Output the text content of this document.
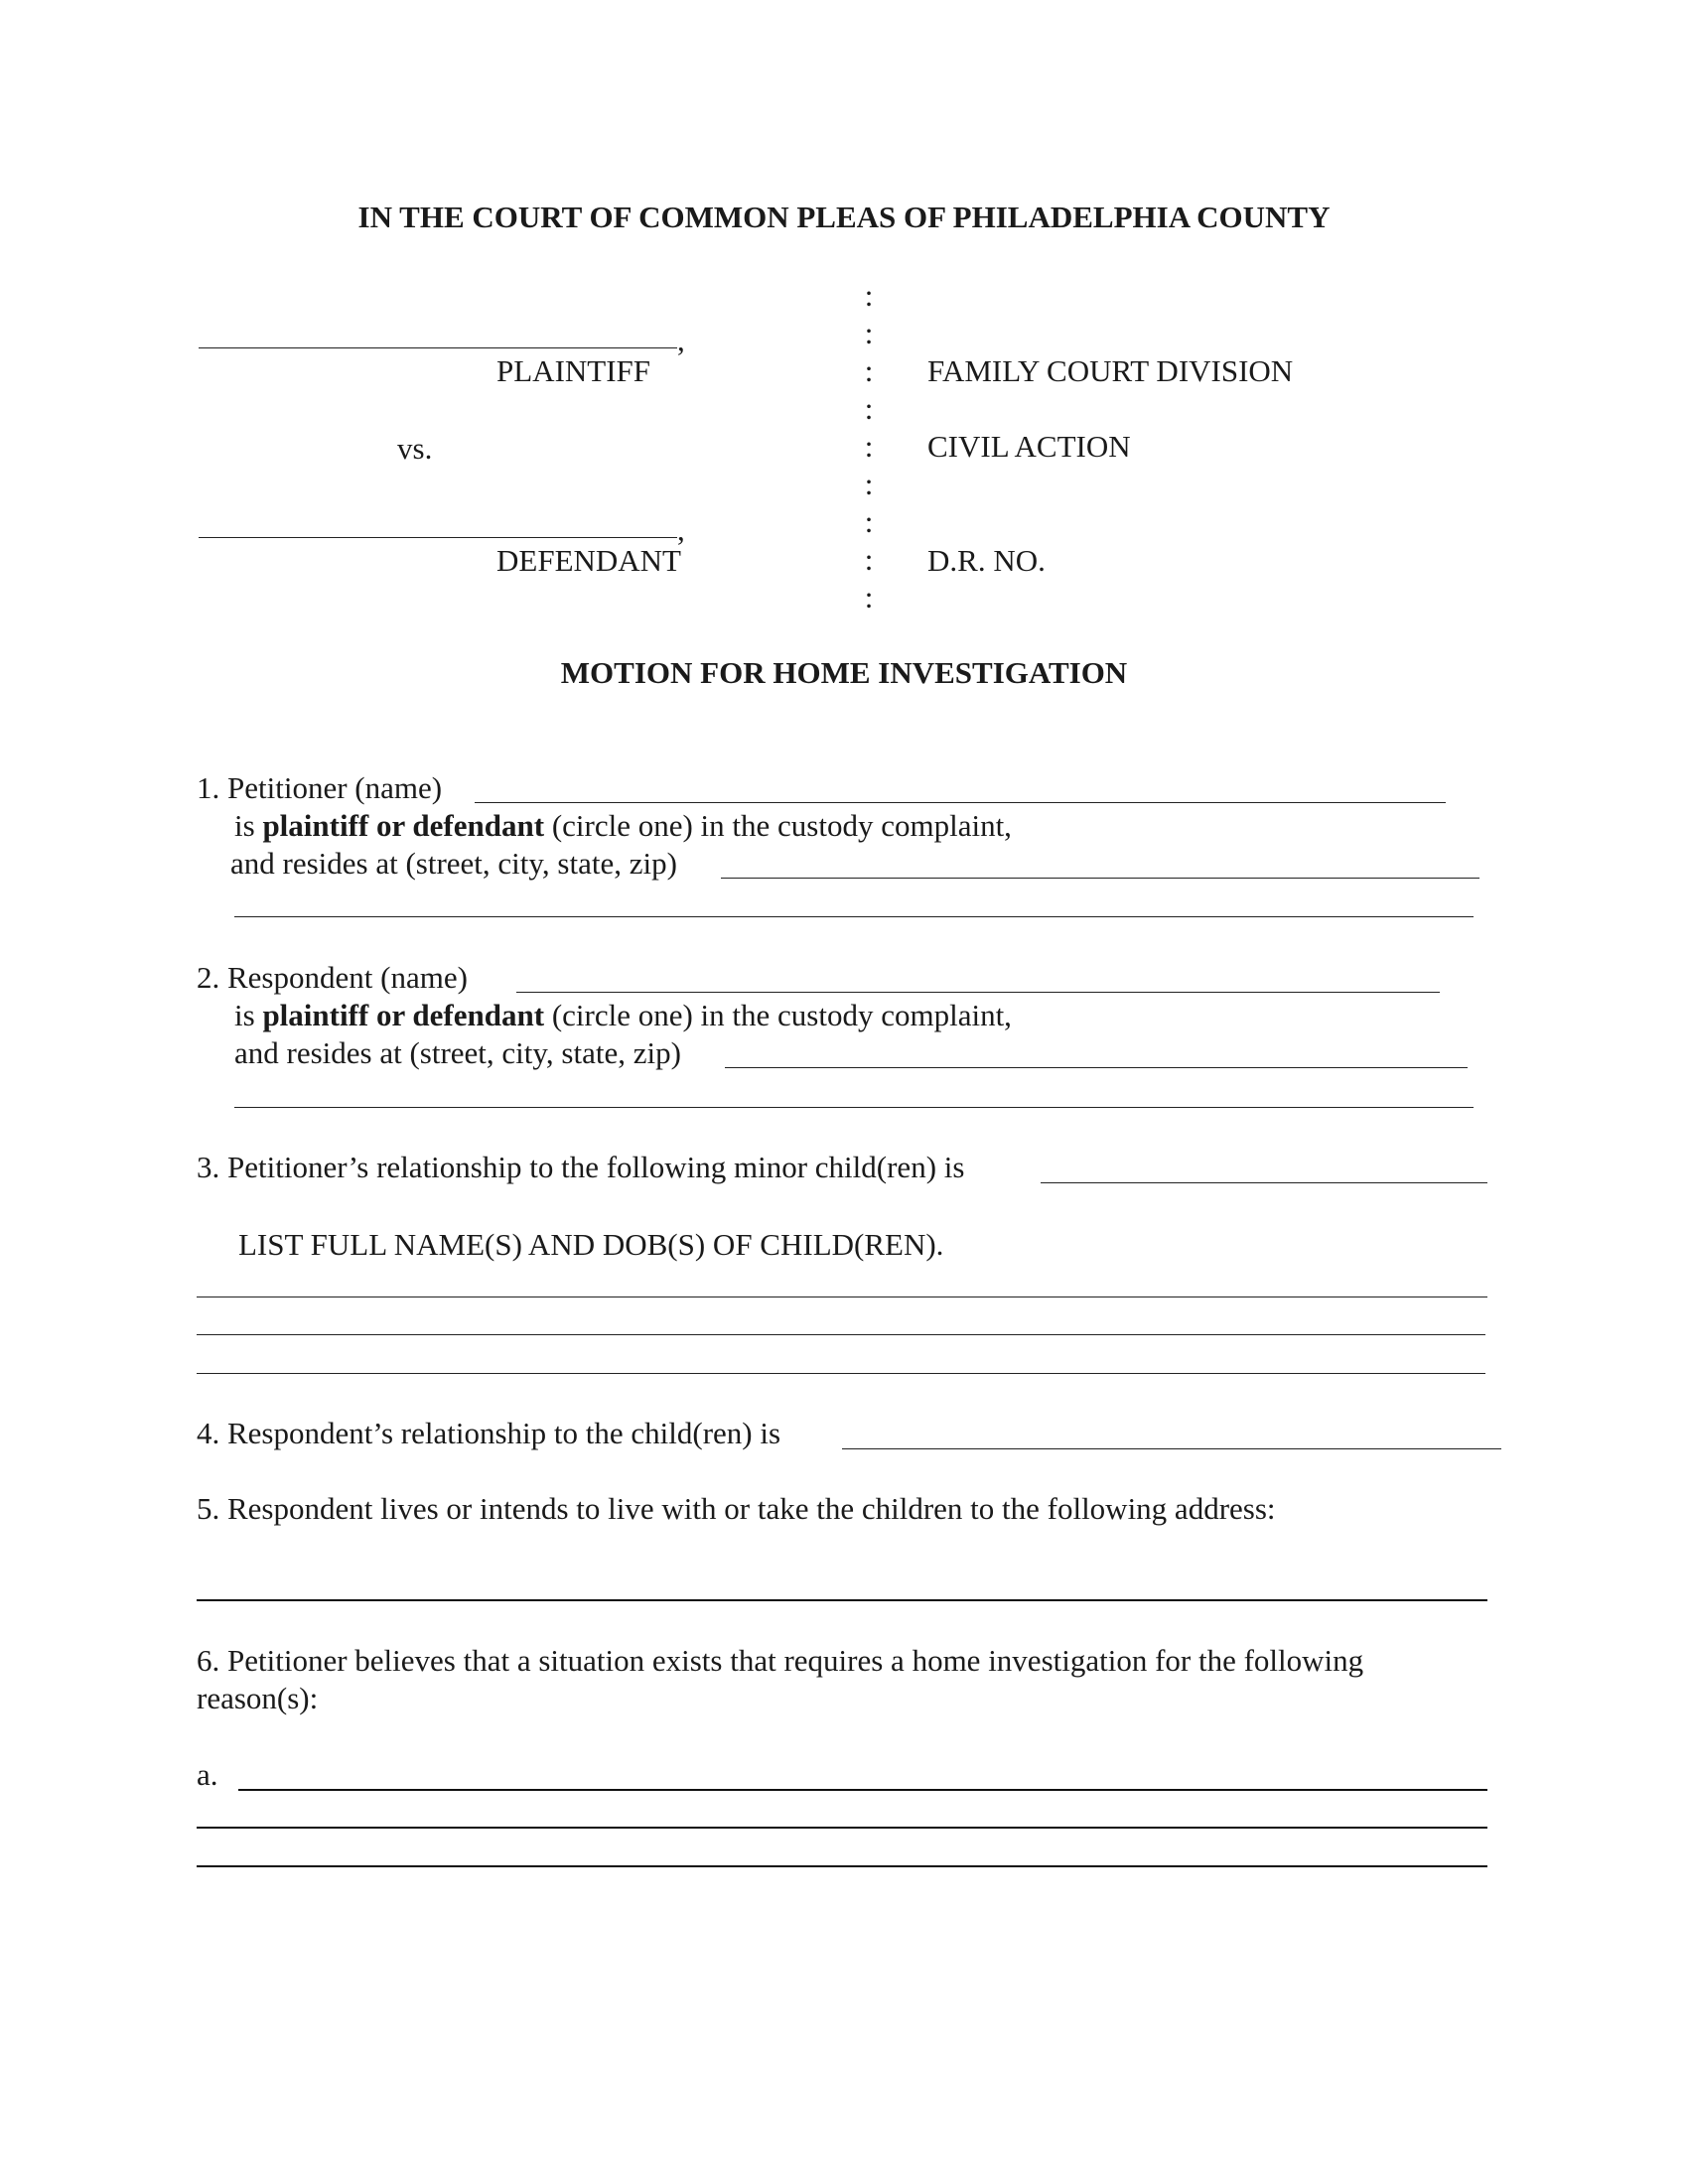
IN THE COURT OF COMMON PLEAS OF PHILADELPHIA COUNTY
,
PLAINTIFF
vs.
,
DEFENDANT
:
:
:
:
:
:
:
:
:
FAMILY COURT DIVISION
CIVIL ACTION
D.R. NO.
MOTION FOR HOME INVESTIGATION
1. Petitioner (name)
is plaintiff or defendant (circle one) in the custody complaint,
and resides at (street, city, state, zip)
2. Respondent (name)
is plaintiff or defendant (circle one) in the custody complaint,
and resides at (street, city, state, zip)
3. Petitioner’s relationship to the following minor child(ren) is
LIST FULL NAME(S) AND DOB(S) OF CHILD(REN).
4. Respondent’s relationship to the child(ren) is
5. Respondent lives or intends to live with or take the children to the following address:
6. Petitioner believes that a situation exists that requires a home investigation for the following
reason(s):
a.
